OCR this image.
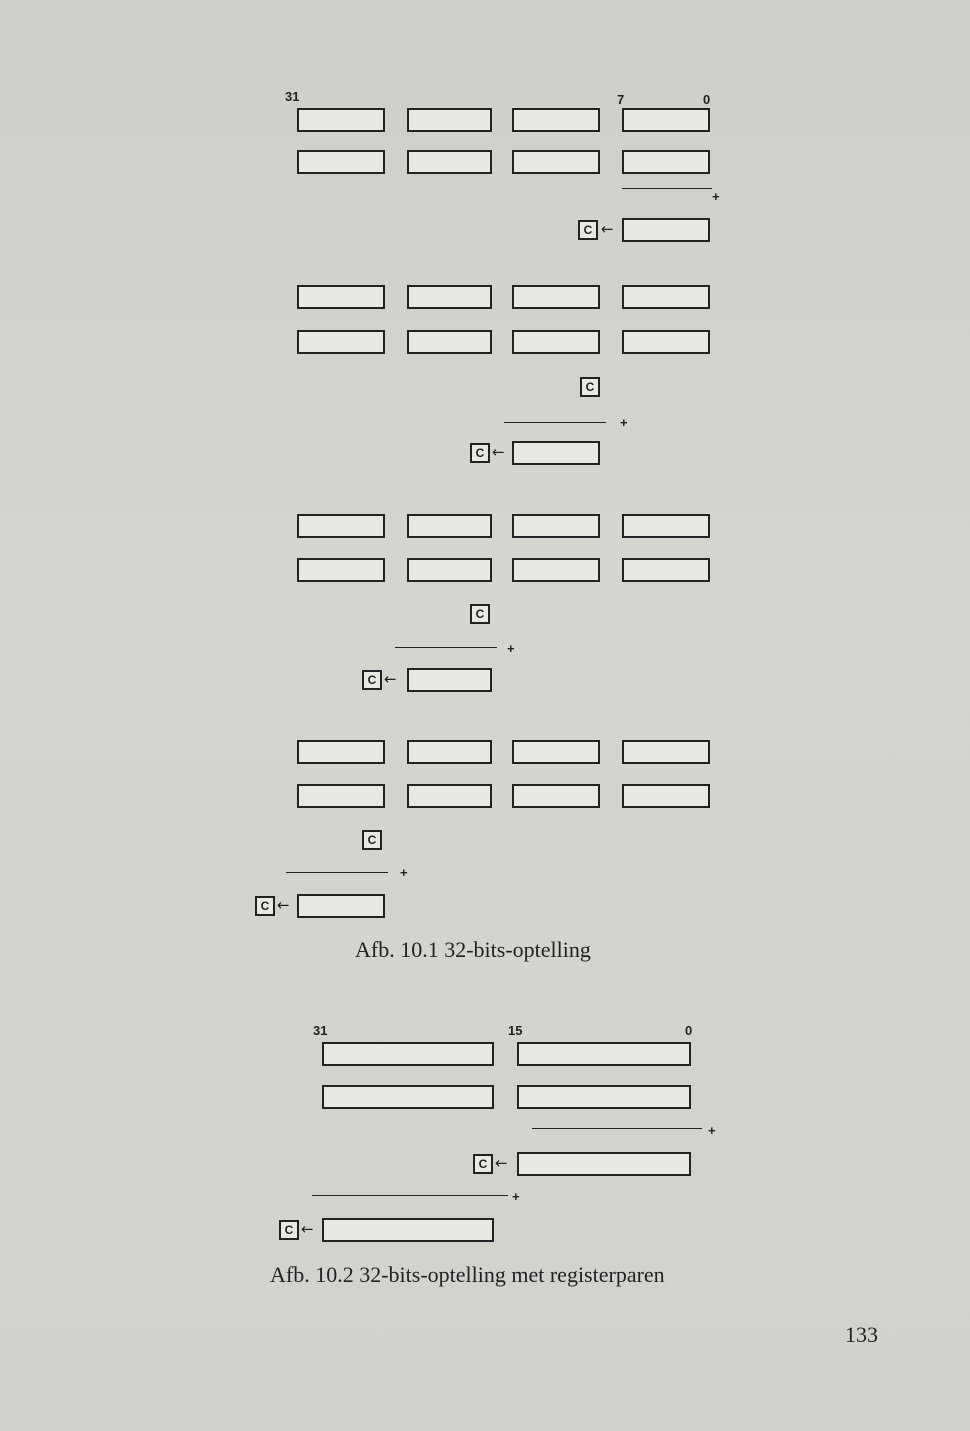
31	7	0
+
C ←
C
+
C ←
C
+
C ←
C
+
C ←
Afb. 10.1 32-bits-optelling
31	15	0
+
C ←
+
C ←
Afb. 10.2 32-bits-optelling met registerparen
133
